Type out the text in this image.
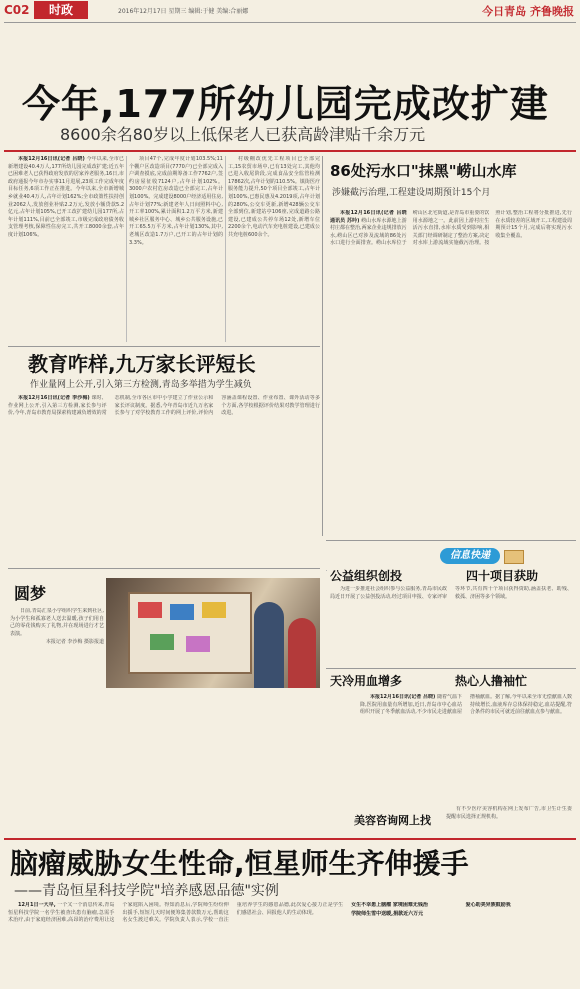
C02	时政	2016年12月17日 星期三 编辑:于健 美编:合丽娜	今日青岛 齐鲁晚报
今年,177所幼儿园完成改扩建
8600余名80岁以上低保老人已获高龄津贴千余万元

本报12月16日讯(记者 吕晓) 今年以来,全市已新增建设40.4万人,177所幼儿园完成改扩建;近五年已困难老人已获得政府发放的居家养老服务,16日,市政府通报今年市办实事11月进展,23项工作完成年度目标任务,6项工作正在推进。今年以来,全市新增城乡就业40.4万人,占年计划162%;全市政策性扶持创业2062人,发放创业补贴2.2万元,发放小额贷款5.2亿元,占年计划105%,已开工改扩建幼儿园177所,占年计划111%,目前已全部竣工,市级完成政府债务收支管理考核,保障性住房完工,共开工8000余套,占年度计划106%。

项目47个,完成年度计划103.5%;11个棚户区改造项目(7770户)已全部完成入户调查摸底,完成前期筹备工作7762户,签约房屋征收7124户,占年计划102%。3000户农村危房改造已全部完工,占年计划100%。完成建设8000户经济适用住房,占年计划77%;新建老年人日间照料中心,开工率100%,累计面积1.2万平方米,新建城乡社区服务中心、城乡公共服务设施,已开工65.5万平方米,占年计划130%,其中,老城区改造1.7万户,已开工的占年计划的3.3%。

村级棚改优先工程项目已全部完工,15农贸市场中,已有13处完工,其他均已进入收尾阶段,完成食品安全监管检测17862次,占年计划的110.5%。镇街医疗服务能力提升,50个项目全部竣工,占年计划100%,已惠民惠及4.2019项,占年计划的280%,公交车更新,新增428辆公交车全部到位,新建站亭106座,完成道路公路建设,已建成公共停车场12处,新增车位2200余个,电动汽车充电桩建设,已建成公共充电桩600余个。

86处污水口"抹黑"崂山水库
涉嫌截污治理,工程建设周期预计15个月

本报12月16日讯(记者 吕晓 通讯员 苏吟) 崂山水库水源地上游村庄都在整治,两家企业违规排放污水,崂山区已对涉及流域的86处污水口进行全面排查。崂山水库位于崂山区北宅街道,是青岛市重要的饮用水源地之一。此前因上游村庄生活污水直排,水库水质受到影响,相关部门经调研制定了整治方案,决定对水库上游流域实施截污治理。按照计划,整治工程将分批推进,先行在水质较差的区域开工,工程建设周期预计15个月,完成后将实现污水收集全覆盖。

教育咋样,九万家长评短长
作业量网上公开,引入第三方检测,青岛多举措为学生减负

本报12月16日讯(记者 李沙梅) 课时、作业网上公开,引入第三方检测,家长参与评价,今年,青岛市教育局探索构建减负增效的常态机制,全市各区市中小学建立了作业公示和家长评议制度。据悉,今年青岛市近九万名家长参与了对学校教育工作的网上评价,评价内容涵盖课程设置、作业布置、课外活动等多个方面,各学校根据评价结果对教学管理进行改进。

信息快递
公益组织创投	四十项目获助

为进一步推进社会组织参与公益服务,青岛市民政局近日开展了公益创投活动,经过项目申报、专家评审等环节,共有四十个项目获得资助,涵盖扶老、助残、救孤、济困等多个领域。

天冷用血增多	热心人撸袖忙

本报12月16日讯(记者 吕晓) 随着气温下降,医院用血量有所增加,近日,青岛市中心血站组织开展了冬季献血活动,不少市民走进献血屋撸袖献血。据了解,今年以来全市无偿献血人数持续增长,血液库存总体保持稳定,血站提醒,符合条件的市民可就近前往献血点参与献血。

美容咨询网上找

有不少医疗美容机构在网上发布广告,市卫生计生委提醒市民选择正规机构。

圆梦

日前,青岛汇泉小学组织学生来到社区,为小学生和孤寡老人送去温暖,孩子们用自己的零花钱购买了礼物,并在现场进行才艺表演。

本报记者 李沙梅 摄影报道

脑瘤威胁女生性命,恒星师生齐伸援手
——青岛恒星科技学院"培养感恩品德"实例

12月1日一大早, 一个又一个消息传来,青岛恒星科技学院一名学生被查出患有脑瘤,急需手术治疗,由于家庭经济困难,高昂的治疗费用让这个家庭陷入困境。得知消息后,学院师生纷纷伸出援手,短短几天时间便筹集善款数万元,帮助这名女生渡过难关。学院负责人表示,学校一直注重培养学生的感恩品德,此次爱心接力正是学生们感恩社会、回报他人的生动体现。

女生不幸患上脑瘤 家境困难无钱治

学院师生雪中送暖,捐款近六万元

爱心助美异族鼓励我
